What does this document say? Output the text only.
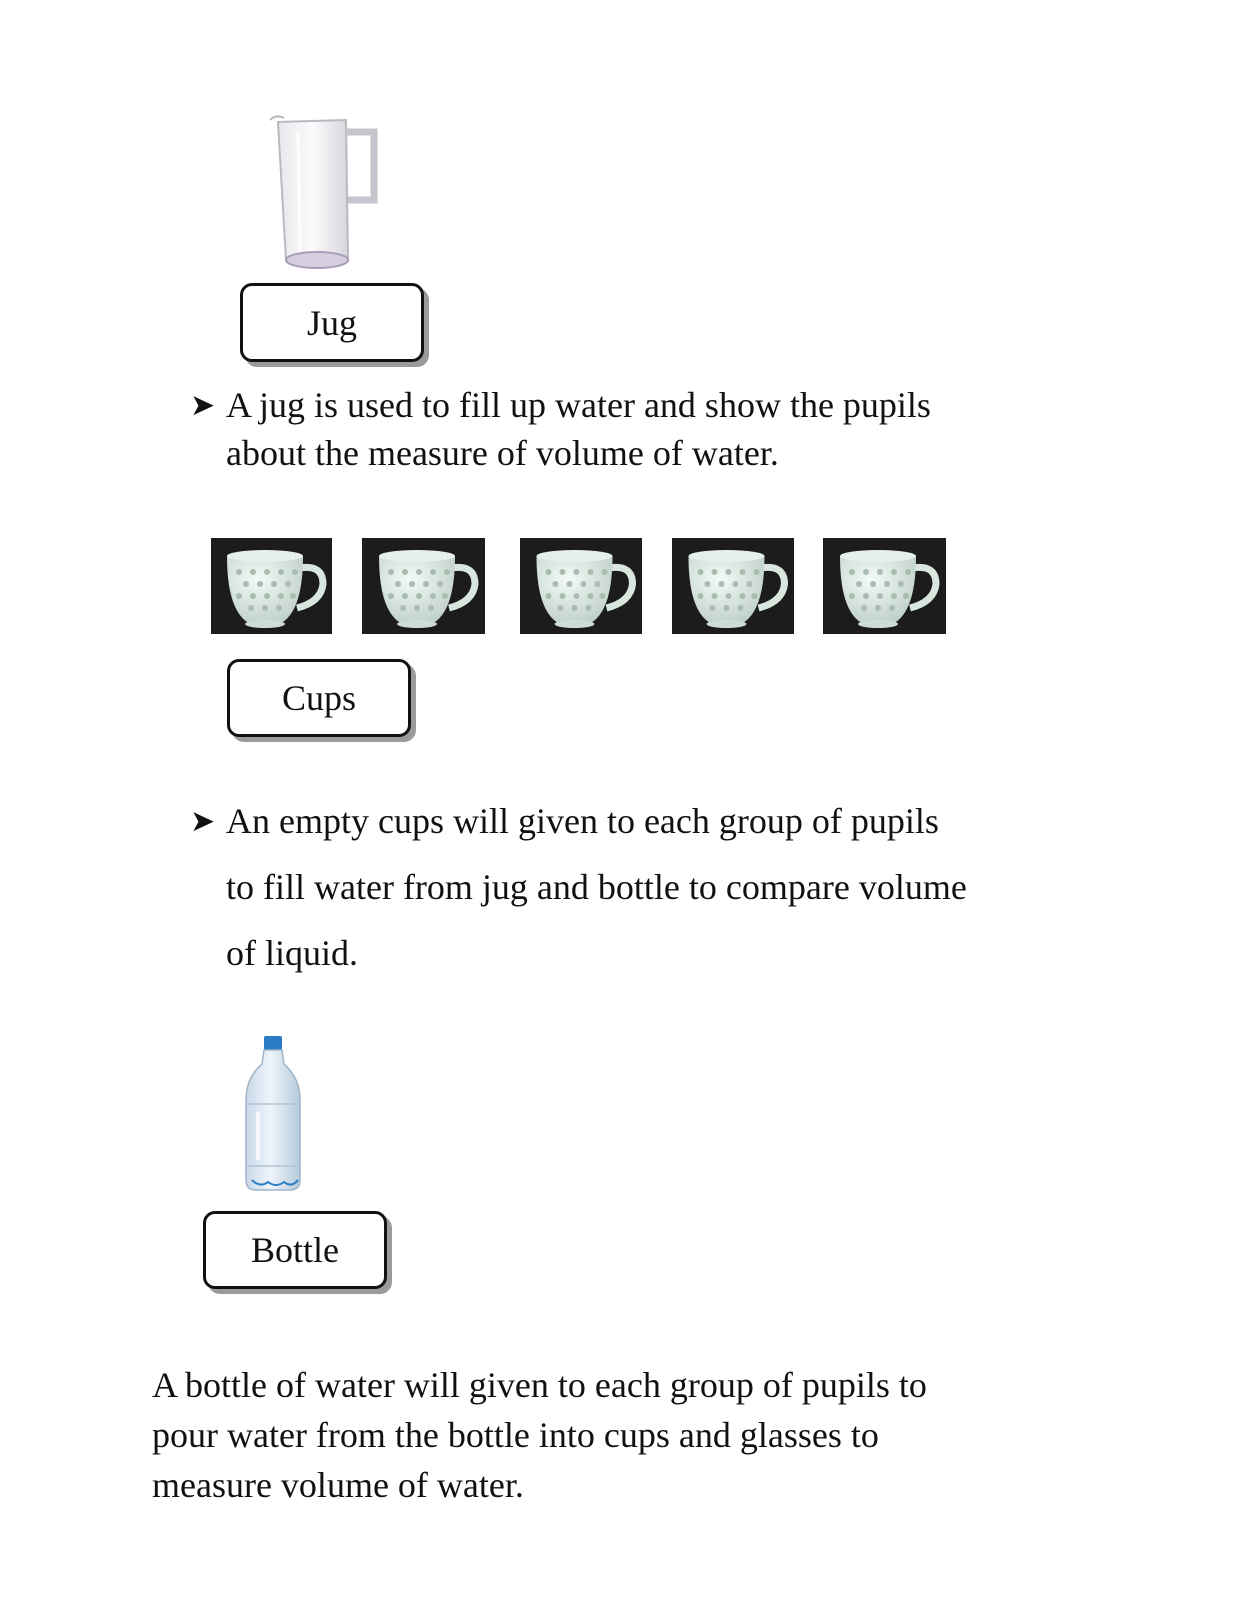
Jug
➤ A jug is used to fill up water and show the pupils
about the measure of volume of water.
Cups
➤ An empty cups will given to each group of pupils
to fill water from jug and bottle to compare volume
of liquid.
Bottle
A bottle of water will given to each group of pupils to
pour water from the bottle into cups and glasses to
measure volume of water.
